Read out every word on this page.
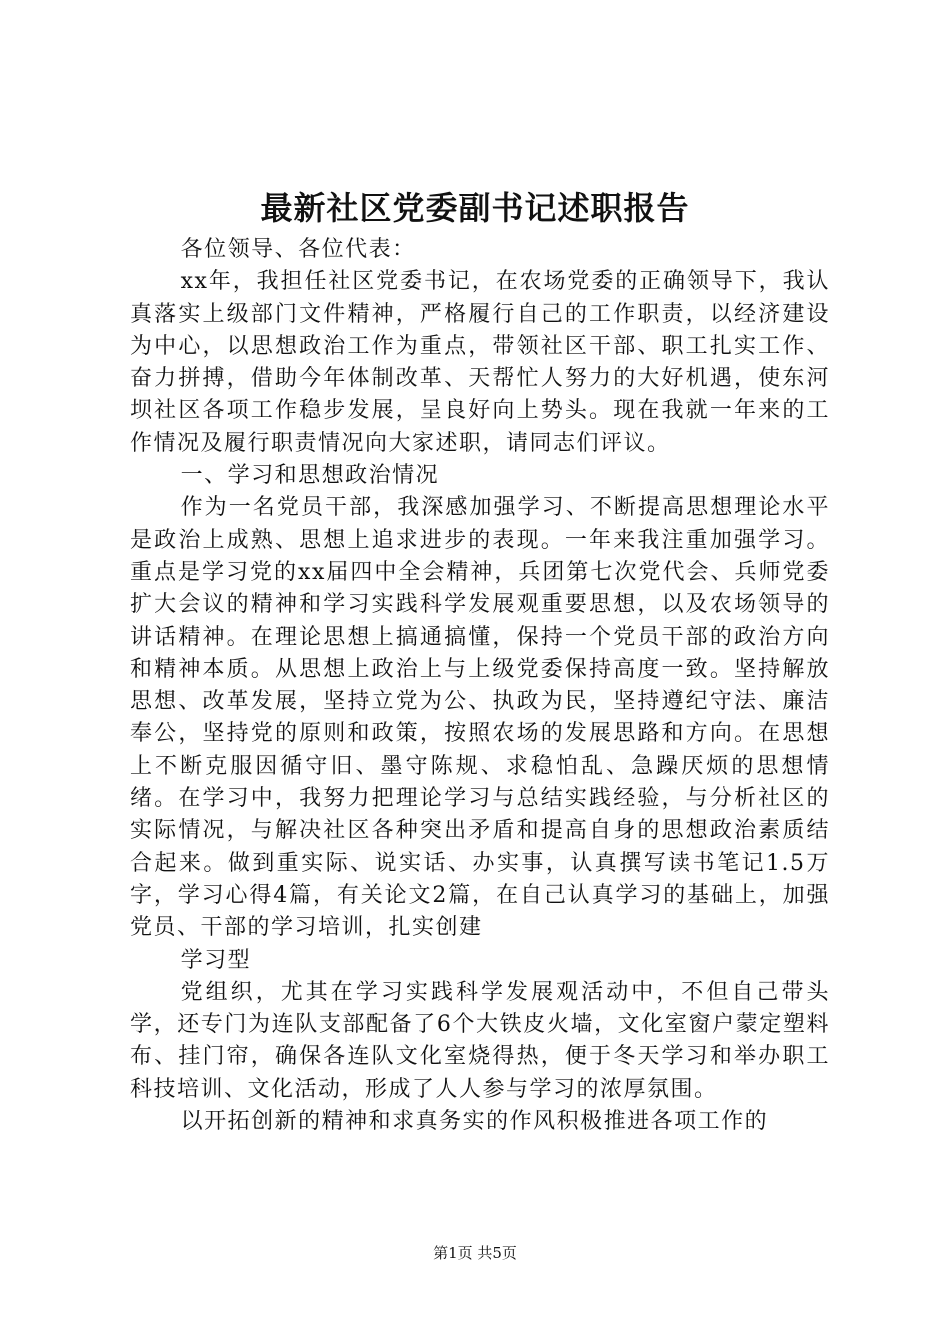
最新社区党委副书记述职报告

各位领导、各位代表：

xx年，我担任社区党委书记，在农场党委的正确领导下，我认真落实上级部门文件精神，严格履行自己的工作职责，以经济建设为中心，以思想政治工作为重点，带领社区干部、职工扎实工作、奋力拼搏，借助今年体制改革、天帮忙人努力的大好机遇，使东河坝社区各项工作稳步发展，呈良好向上势头。现在我就一年来的工作情况及履行职责情况向大家述职，请同志们评议。

一、学习和思想政治情况

作为一名党员干部，我深感加强学习、不断提高思想理论水平是政治上成熟、思想上追求进步的表现。一年来我注重加强学习。重点是学习党的xx届四中全会精神，兵团第七次党代会、兵师党委扩大会议的精神和学习实践科学发展观重要思想，以及农场领导的讲话精神。在理论思想上搞通搞懂，保持一个党员干部的政治方向和精神本质。从思想上政治上与上级党委保持高度一致。坚持解放思想、改革发展，坚持立党为公、执政为民，坚持遵纪守法、廉洁奉公，坚持党的原则和政策，按照农场的发展思路和方向。在思想上不断克服因循守旧、墨守陈规、求稳怕乱、急躁厌烦的思想情绪。在学习中，我努力把理论学习与总结实践经验，与分析社区的实际情况，与解决社区各种突出矛盾和提高自身的思想政治素质结合起来。做到重实际、说实话、办实事，认真撰写读书笔记1.5万字，学习心得4篇，有关论文2篇，在自己认真学习的基础上，加强党员、干部的学习培训，扎实创建

学习型

党组织，尤其在学习实践科学发展观活动中，不但自己带头学，还专门为连队支部配备了6个大铁皮火墙，文化室窗户蒙定塑料布、挂门帘，确保各连队文化室烧得热，便于冬天学习和举办职工科技培训、文化活动，形成了人人参与学习的浓厚氛围。

以开拓创新的精神和求真务实的作风积极推进各项工作的

第1页 共5页
